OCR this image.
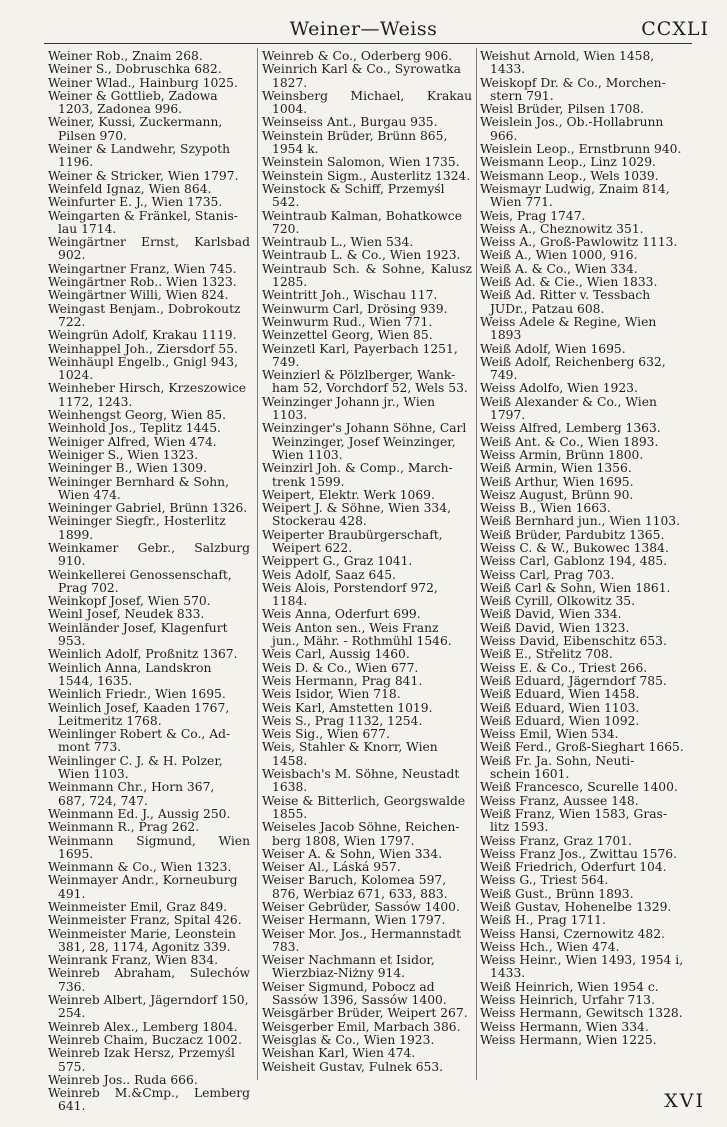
Weiner—Weiss	CCXLI
Weiner Rob., Znaim 268.
Weiner S., Dobruschka 682.
Weiner Wlad., Hainburg 1025.
Weiner & Gottlieb, Zadowa
1203, Zadonea 996.
Weiner, Kussi, Zuckermann,
Pilsen 970.
Weiner & Landwehr, Szypoth
1196.
Weiner & Stricker, Wien 1797.
Weinfeld Ignaz, Wien 864.
Weinfurter E. J., Wien 1735.
Weingarten & Fränkel, Stanis-
lau 1714.
Weingärtner Ernst, Karlsbad 902.
Weingartner Franz, Wien 745.
Weingärtner Rob.. Wien 1323.
Weingärtner Willi, Wien 824.
Weingast Benjam., Dobrokoutz
722.
Weingrün Adolf, Krakau 1119.
Weinhappel Joh., Ziersdorf 55.
Weinhäupl Engelb., Gnigl 943,
1024.
Weinheber Hirsch, Krzeszowice
1172, 1243.
Weinhengst Georg, Wien 85.
Weinhold Jos., Teplitz 1445.
Weiniger Alfred, Wien 474.
Weiniger S., Wien 1323.
Weininger B., Wien 1309.
Weininger Bernhard & Sohn,
Wien 474.
Weininger Gabriel, Brünn 1326.
Weininger Siegfr., Hosterlitz
1899.
Weinkamer Gebr., Salzburg 910.
Weinkellerei Genossenschaft,
Prag 702.
Weinkopf Josef, Wien 570.
Weinl Josef, Neudek 833.
Weinländer Josef, Klagenfurt
953.
Weinlich Adolf, Proßnitz 1367.
Weinlich Anna, Landskron
1544, 1635.
Weinlich Friedr., Wien 1695.
Weinlich Josef, Kaaden 1767,
Leitmeritz 1768.
Weinlinger Robert & Co., Ad-
mont 773.
Weinlinger C. J. & H. Polzer,
Wien 1103.
Weinmann Chr., Horn 367,
687, 724, 747.
Weinmann Ed. J., Aussig 250.
Weinmann R., Prag 262.
Weinmann Sigmund, Wien 1695.
Weinmann & Co., Wien 1323.
Weinmayer Andr., Korneuburg
491.
Weinmeister Emil, Graz 849.
Weinmeister Franz, Spital 426.
Weinmeister Marie, Leonstein
381, 28, 1174, Agonitz 339.
Weinrank Franz, Wien 834.
Weinreb Abraham, Sulechów 736.
Weinreb Albert, Jägerndorf 150,
254.
Weinreb Alex., Lemberg 1804.
Weinreb Chaim, Buczacz 1002.
Weinreb Izak Hersz, Przemyśl
575.
Weinreb Jos.. Ruda 666.
Weinreb M.&Cmp., Lemberg 641.
Weinreb & Co., Oderberg 906.
Weinrich Karl & Co., Syrowatka
1827.
Weinsberg Michael, Krakau 1004.
Weinseiss Ant., Burgau 935.
Weinstein Brüder, Brünn 865,
1954 k.
Weinstein Salomon, Wien 1735.
Weinstein Sigm., Austerlitz 1324.
Weinstock & Schiff, Przemyśl
542.
Weintraub Kalman, Bohatkowce
720.
Weintraub L., Wien 534.
Weintraub L. & Co., Wien 1923.
Weintraub Sch. & Sohne, Kalusz 1285.
Weintritt Joh., Wischau 117.
Weinwurm Carl, Drösing 939.
Weinwurm Rud., Wien 771.
Weinzettel Georg, Wien 85.
Weinzetl Karl, Payerbach 1251,
749.
Weinzierl & Pölzlberger, Wank-
ham 52, Vorchdorf 52, Wels 53.
Weinzinger Johann jr., Wien
1103.
Weinzinger's Johann Söhne, Carl
Weinzinger, Josef Weinzinger,
Wien 1103.
Weinzirl Joh. & Comp., March-
trenk 1599.
Weipert, Elektr. Werk 1069.
Weipert J. & Söhne, Wien 334,
Stockerau 428.
Weiperter Braubürgerschaft,
Weipert 622.
Weippert G., Graz 1041.
Weis Adolf, Saaz 645.
Weis Alois, Porstendorf 972,
1184.
Weis Anna, Oderfurt 699.
Weis Anton sen., Weis Franz
jun., Mähr. - Rothmühl 1546.
Weis Carl, Aussig 1460.
Weis D. & Co., Wien 677.
Weis Hermann, Prag 841.
Weis Isidor, Wien 718.
Weis Karl, Amstetten 1019.
Weis S., Prag 1132, 1254.
Weis Sig., Wien 677.
Weis, Stahler & Knorr, Wien
1458.
Weisbach's M. Söhne, Neustadt
1638.
Weise & Bitterlich, Georgswalde
1855.
Weiseles Jacob Söhne, Reichen-
berg 1808, Wien 1797.
Weiser A. & Sohn, Wien 334.
Weiser Al., Láská 957.
Weiser Baruch, Kolomea 597,
876, Werbiaz 671, 633, 883.
Weiser Gebrüder, Sassów 1400.
Weiser Hermann, Wien 1797.
Weiser Mor. Jos., Hermannstadt
783.
Weiser Nachmann et Isidor,
Wierzbiaz-Niżny 914.
Weiser Sigmund, Pobocz ad
Sassów 1396, Sassów 1400.
Weisgärber Brüder, Weipert 267.
Weisgerber Emil, Marbach 386.
Weisglas & Co., Wien 1923.
Weishan Karl, Wien 474.
Weisheit Gustav, Fulnek 653.
Weishut Arnold, Wien 1458,
1433.
Weiskopf Dr. & Co., Morchen-
stern 791.
Weisl Brüder, Pilsen 1708.
Weislein Jos., Ob.-Hollabrunn
966.
Weislein Leop., Ernstbrunn 940.
Weismann Leop., Linz 1029.
Weismann Leop., Wels 1039.
Weismayr Ludwig, Znaim 814,
Wien 771.
Weis, Prag 1747.
Weiss A., Cheznowitz 351.
Weiss A., Groß-Pawlowitz 1113.
Weiß A., Wien 1000, 916.
Weiß A. & Co., Wien 334.
Weiß Ad. & Cie., Wien 1833.
Weiß Ad. Ritter v. Tessbach
JUDr., Patzau 608.
Weiss Adele & Regine, Wien
1893
Weiß Adolf, Wien 1695.
Weiß Adolf, Reichenberg 632,
749.
Weiss Adolfo, Wien 1923.
Weiß Alexander & Co., Wien
1797.
Weiss Alfred, Lemberg 1363.
Weiß Ant. & Co., Wien 1893.
Weiss Armin, Brünn 1800.
Weiß Armin, Wien 1356.
Weiß Arthur, Wien 1695.
Weisz August, Brünn 90.
Weiss B., Wien 1663.
Weiß Bernhard jun., Wien 1103.
Weiß Brüder, Pardubitz 1365.
Weiss C. & W., Bukowec 1384.
Weiss Carl, Gablonz 194, 485.
Weiss Carl, Prag 703.
Weiß Carl & Sohn, Wien 1861.
Weiß Cyrill, Olkowitz 35.
Weiß David, Wien 334.
Weiß David, Wien 1323.
Weiss David, Eibenschitz 653.
Weiß E., Střelitz 708.
Weiss E. & Co., Triest 266.
Weiß Eduard, Jägerndorf 785.
Weiß Eduard, Wien 1458.
Weiß Eduard, Wien 1103.
Weiß Eduard, Wien 1092.
Weiss Emil, Wien 534.
Weiß Ferd., Groß-Sieghart 1665.
Weiß Fr. Ja. Sohn, Neuti-
schein 1601.
Weiß Francesco, Scurelle 1400.
Weiss Franz, Aussee 148.
Weiß Franz, Wien 1583, Gras-
litz 1593.
Weiss Franz, Graz 1701.
Weiss Franz Jos., Zwittau 1576.
Weiß Friedrich, Oderfurt 104.
Weiss G., Triest 564.
Weiß Gust., Brünn 1893.
Weiß Gustav, Hohenelbe 1329.
Weiß H., Prag 1711.
Weiss Hansi, Czernowitz 482.
Weiss Hch., Wien 474.
Weiss Heinr., Wien 1493, 1954 i,
1433.
Weiß Heinrich, Wien 1954 c.
Weiss Heinrich, Urfahr 713.
Weiss Hermann, Gewitsch 1328.
Weiss Hermann, Wien 334.
Weiss Hermann, Wien 1225.
XVI
